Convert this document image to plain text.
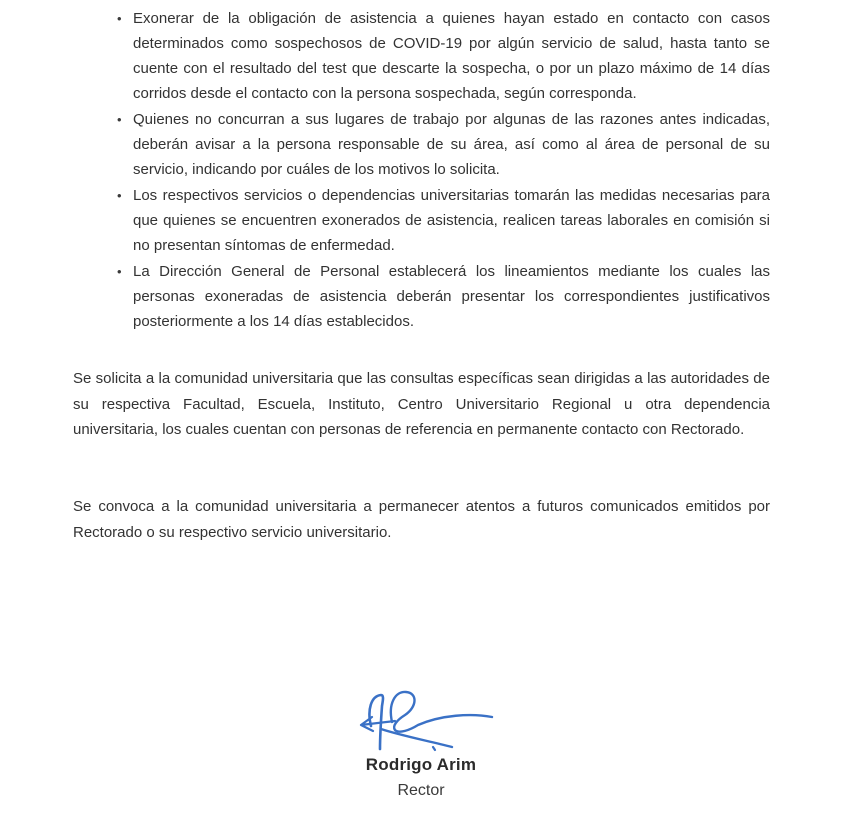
• Exonerar de la obligación de asistencia a quienes hayan estado en contacto con casos determinados como sospechosos de COVID-19 por algún servicio de salud, hasta tanto se cuente con el resultado del test que descarte la sospecha, o por un plazo máximo de 14 días corridos desde el contacto con la persona sospechada, según corresponda.
• Quienes no concurran a sus lugares de trabajo por algunas de las razones antes indicadas, deberán avisar a la persona responsable de su área, así como al área de personal de su servicio, indicando por cuáles de los motivos lo solicita.
• Los respectivos servicios o dependencias universitarias tomarán las medidas necesarias para que quienes se encuentren exonerados de asistencia, realicen tareas laborales en comisión si no presentan síntomas de enfermedad.
• La Dirección General de Personal establecerá los lineamientos mediante los cuales las personas exoneradas de asistencia deberán presentar los correspondientes justificativos posteriormente a los 14 días establecidos.

Se solicita a la comunidad universitaria que las consultas específicas sean dirigidas a las autoridades de su respectiva Facultad, Escuela, Instituto, Centro Universitario Regional u otra dependencia universitaria, los cuales cuentan con personas de referencia en permanente contacto con Rectorado.

Se convoca a la comunidad universitaria a permanecer atentos a futuros comunicados emitidos por Rectorado o su respectivo servicio universitario.

Rodrigo Arim
Rector
